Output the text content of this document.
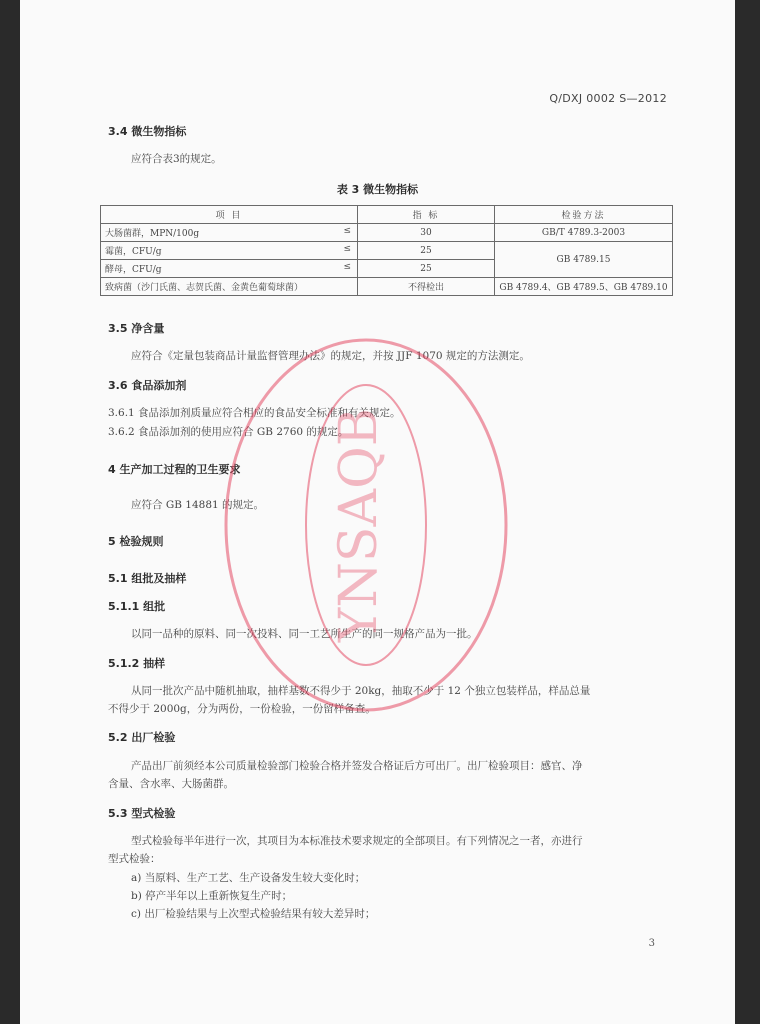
Q/DXJ 0002 S—2012
3.4 微生物指标
应符合表3的规定。
表 3 微生物指标
项 目	指 标	检验方法
大肠菌群，MPN/100g ≤	30	GB/T 4789.3-2003
霉菌，CFU/g ≤	25	GB 4789.15
酵母，CFU/g ≤	25	
致病菌（沙门氏菌、志贺氏菌、金黄色葡萄球菌）	不得检出	GB 4789.4、GB 4789.5、GB 4789.10
3.5 净含量
应符合《定量包装商品计量监督管理办法》的规定，并按 JJF 1070 规定的方法测定。
3.6 食品添加剂
3.6.1 食品添加剂质量应符合相应的食品安全标准和有关规定。
3.6.2 食品添加剂的使用应符合 GB 2760 的规定。
4 生产加工过程的卫生要求
应符合 GB 14881 的规定。
5 检验规则
5.1 组批及抽样
5.1.1 组批
以同一品种的原料、同一次投料、同一工艺所生产的同一规格产品为一批。
5.1.2 抽样
从同一批次产品中随机抽取，抽样基数不得少于 20kg，抽取不少于 12 个独立包装样品，样品总量
不得少于 2000g，分为两份，一份检验，一份留样备查。
5.2 出厂检验
产品出厂前须经本公司质量检验部门检验合格并签发合格证后方可出厂。出厂检验项目：感官、净
含量、含水率、大肠菌群。
5.3 型式检验
型式检验每半年进行一次，其项目为本标准技术要求规定的全部项目。有下列情况之一者，亦进行
型式检验：
a) 当原料、生产工艺、生产设备发生较大变化时；
b) 停产半年以上重新恢复生产时；
c) 出厂检验结果与上次型式检验结果有较大差异时；
3
YNSAQB
